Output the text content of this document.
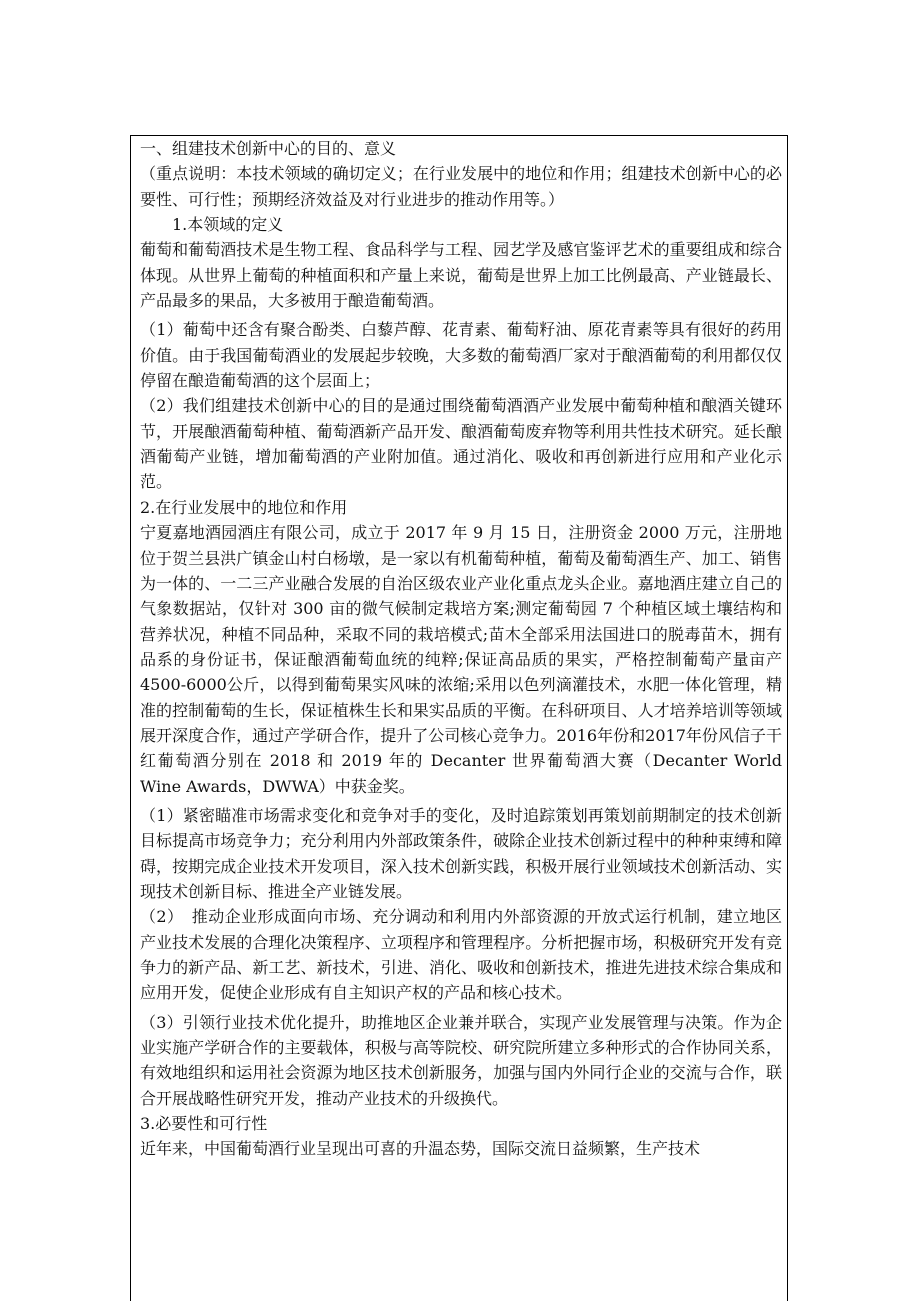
一、组建技术创新中心的目的、意义

（重点说明：本技术领域的确切定义；在行业发展中的地位和作用；组建技术创新中心的必要性、可行性；预期经济效益及对行业进步的推动作用等。）

1.本领域的定义

葡萄和葡萄酒技术是生物工程、食品科学与工程、园艺学及感官鉴评艺术的重要组成和综合体现。从世界上葡萄的种植面积和产量上来说，葡萄是世界上加工比例最高、产业链最长、产品最多的果品，大多被用于酿造葡萄酒。

（1）葡萄中还含有聚合酚类、白藜芦醇、花青素、葡萄籽油、原花青素等具有很好的药用价值。由于我国葡萄酒业的发展起步较晚，大多数的葡萄酒厂家对于酿酒葡萄的利用都仅仅停留在酿造葡萄酒的这个层面上；

（2）我们组建技术创新中心的目的是通过围绕葡萄酒酒产业发展中葡萄种植和酿酒关键环节，开展酿酒葡萄种植、葡萄酒新产品开发、酿酒葡萄废弃物等利用共性技术研究。延长酿酒葡萄产业链，增加葡萄酒的产业附加值。通过消化、吸收和再创新进行应用和产业化示范。

2.在行业发展中的地位和作用

宁夏嘉地酒园酒庄有限公司，成立于 2017 年 9 月 15 日，注册资金 2000 万元，注册地位于贺兰县洪广镇金山村白杨墩，是一家以有机葡萄种植，葡萄及葡萄酒生产、加工、销售为一体的、一二三产业融合发展的自治区级农业产业化重点龙头企业。嘉地酒庄建立自己的气象数据站，仅针对 300 亩的微气候制定栽培方案;测定葡萄园 7 个种植区域土壤结构和营养状况，种植不同品种，采取不同的栽培模式;苗木全部采用法国进口的脱毒苗木，拥有品系的身份证书，保证酿酒葡萄血统的纯粹;保证高品质的果实，严格控制葡萄产量亩产 4500-6000公斤，以得到葡萄果实风味的浓缩;采用以色列滴灌技术，水肥一体化管理，精准的控制葡萄的生长，保证植株生长和果实品质的平衡。在科研项目、人才培养培训等领域展开深度合作，通过产学研合作，提升了公司核心竞争力。2016年份和2017年份风信子干红葡萄酒分别在 2018 和 2019 年的 Decanter 世界葡萄酒大赛（Decanter World Wine Awards，DWWA）中获金奖。

（1）紧密瞄准市场需求变化和竞争对手的变化，及时追踪策划再策划前期制定的技术创新目标提高市场竞争力；充分利用内外部政策条件，破除企业技术创新过程中的种种束缚和障碍，按期完成企业技术开发项目，深入技术创新实践，积极开展行业领域技术创新活动、实现技术创新目标、推进全产业链发展。

（2）　推动企业形成面向市场、充分调动和利用内外部资源的开放式运行机制，建立地区产业技术发展的合理化决策程序、立项程序和管理程序。分析把握市场，积极研究开发有竞争力的新产品、新工艺、新技术，引进、消化、吸收和创新技术，推进先进技术综合集成和应用开发，促使企业形成有自主知识产权的产品和核心技术。

（3）引领行业技术优化提升，助推地区企业兼并联合，实现产业发展管理与决策。作为企业实施产学研合作的主要载体，积极与高等院校、研究院所建立多种形式的合作协同关系，有效地组织和运用社会资源为地区技术创新服务，加强与国内外同行企业的交流与合作，联合开展战略性研究开发，推动产业技术的升级换代。

3.必要性和可行性

近年来，中国葡萄酒行业呈现出可喜的升温态势，国际交流日益频繁，生产技术
